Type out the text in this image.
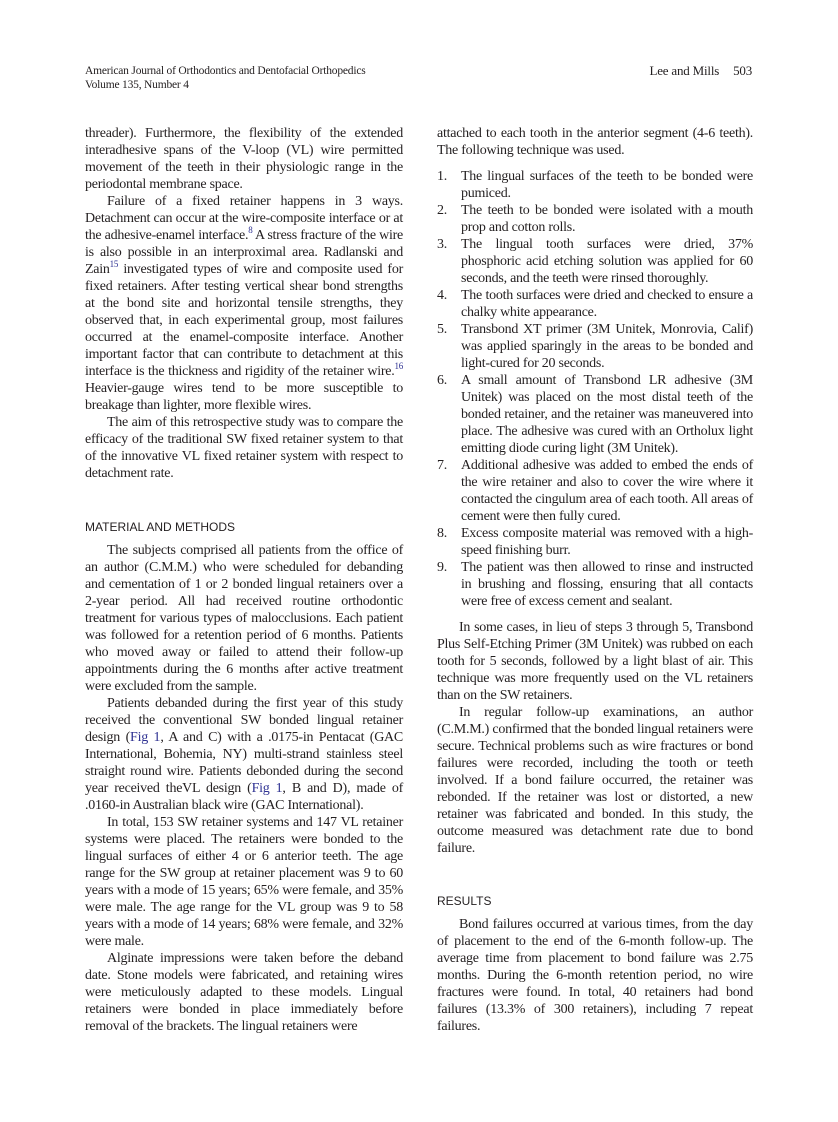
American Journal of Orthodontics and Dentofacial Orthopedics
Volume 135, Number 4
Lee and Mills 503

threader). Furthermore, the flexibility of the extended interadhesive spans of the V-loop (VL) wire permitted movement of the teeth in their physiologic range in the periodontal membrane space.

Failure of a fixed retainer happens in 3 ways. Detachment can occur at the wire-composite interface or at the adhesive-enamel interface.$^8$ A stress fracture of the wire is also possible in an interproximal area. Radlanski and Zain$^{15}$ investigated types of wire and composite used for fixed retainers. After testing vertical shear bond strengths at the bond site and horizontal tensile strengths, they observed that, in each experimental group, most failures occurred at the enamel-composite interface. Another important factor that can contribute to detachment at this interface is the thickness and rigidity of the retainer wire.$^{16}$ Heavier-gauge wires tend to be more susceptible to breakage than lighter, more flexible wires.

The aim of this retrospective study was to compare the efficacy of the traditional SW fixed retainer system to that of the innovative VL fixed retainer system with respect to detachment rate.

MATERIAL AND METHODS

The subjects comprised all patients from the office of an author (C.M.M.) who were scheduled for debanding and cementation of 1 or 2 bonded lingual retainers over a 2-year period. All had received routine orthodontic treatment for various types of malocclusions. Each patient was followed for a retention period of 6 months. Patients who moved away or failed to attend their follow-up appointments during the 6 months after active treatment were excluded from the sample.

Patients debanded during the first year of this study received the conventional SW bonded lingual retainer design (Fig 1, A and C) with a .0175-in Pentacat (GAC International, Bohemia, NY) multi-strand stainless steel straight round wire. Patients debonded during the second year received theVL design (Fig 1, B and D), made of .0160-in Australian black wire (GAC International).

In total, 153 SW retainer systems and 147 VL retainer systems were placed. The retainers were bonded to the lingual surfaces of either 4 or 6 anterior teeth. The age range for the SW group at retainer placement was 9 to 60 years with a mode of 15 years; 65% were female, and 35% were male. The age range for the VL group was 9 to 58 years with a mode of 14 years; 68% were female, and 32% were male.

Alginate impressions were taken before the deband date. Stone models were fabricated, and retaining wires were meticulously adapted to these models. Lingual retainers were bonded in place immediately before removal of the brackets. The lingual retainers were

attached to each tooth in the anterior segment (4-6 teeth). The following technique was used.

1. The lingual surfaces of the teeth to be bonded were pumiced.
2. The teeth to be bonded were isolated with a mouth prop and cotton rolls.
3. The lingual tooth surfaces were dried, 37% phosphoric acid etching solution was applied for 60 seconds, and the teeth were rinsed thoroughly.
4. The tooth surfaces were dried and checked to ensure a chalky white appearance.
5. Transbond XT primer (3M Unitek, Monrovia, Calif) was applied sparingly in the areas to be bonded and light-cured for 20 seconds.
6. A small amount of Transbond LR adhesive (3M Unitek) was placed on the most distal teeth of the bonded retainer, and the retainer was maneuvered into place. The adhesive was cured with an Ortholux light emitting diode curing light (3M Unitek).
7. Additional adhesive was added to embed the ends of the wire retainer and also to cover the wire where it contacted the cingulum area of each tooth. All areas of cement were then fully cured.
8. Excess composite material was removed with a high-speed finishing burr.
9. The patient was then allowed to rinse and instructed in brushing and flossing, ensuring that all contacts were free of excess cement and sealant.

In some cases, in lieu of steps 3 through 5, Transbond Plus Self-Etching Primer (3M Unitek) was rubbed on each tooth for 5 seconds, followed by a light blast of air. This technique was more frequently used on the VL retainers than on the SW retainers.

In regular follow-up examinations, an author (C.M.M.) confirmed that the bonded lingual retainers were secure. Technical problems such as wire fractures or bond failures were recorded, including the tooth or teeth involved. If a bond failure occurred, the retainer was rebonded. If the retainer was lost or distorted, a new retainer was fabricated and bonded. In this study, the outcome measured was detachment rate due to bond failure.

RESULTS

Bond failures occurred at various times, from the day of placement to the end of the 6-month follow-up. The average time from placement to bond failure was 2.75 months. During the 6-month retention period, no wire fractures were found. In total, 40 retainers had bond failures (13.3% of 300 retainers), including 7 repeat failures.
